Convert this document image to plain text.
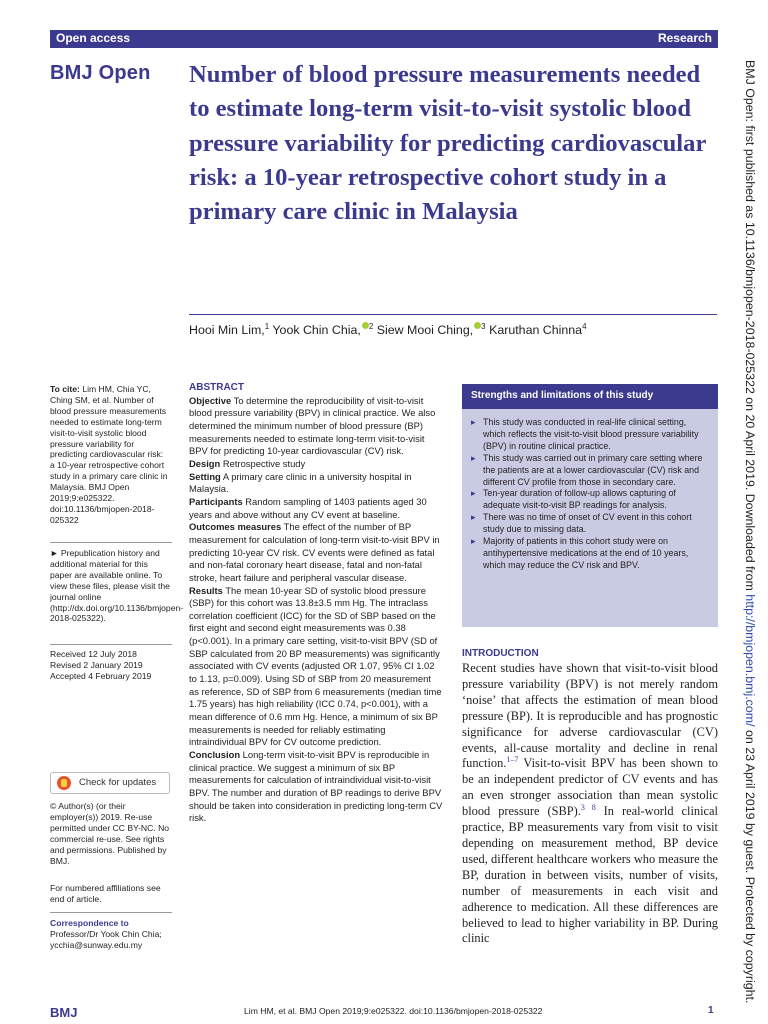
Open access	Research
BMJ Open Number of blood pressure measurements needed to estimate long-term visit-to-visit systolic blood pressure variability for predicting cardiovascular risk: a 10-year retrospective cohort study in a primary care clinic in Malaysia
Hooi Min Lim,$^1$ Yook Chin Chia, $^2$ Siew Mooi Ching, $^3$ Karuthan Chinna$^4$	BMJ Open: first published as 10.1136/bmjopen-2018-025322 on 20 April 2019. Downloaded from http://bmjopen.bmj.com/ on 23 April 2019 by guest. Protected by copyright.
To cite: Lim HM, Chia YC, Ching SM, et al. Number of blood pressure measurements needed to estimate long-term visit-to-visit systolic blood pressure variability for predicting cardiovascular risk: a 10-year retrospective cohort study in a primary care clinic in Malaysia. BMJ Open 2019;9:e025322. doi:10.1136/bmjopen-2018-025322
► Prepublication history and additional material for this paper are available online. To view these files, please visit the journal online (http://dx.doi.org/10.1136/bmjopen-2018-025322).
Received 12 July 2018
Revised 2 January 2019
Accepted 4 February 2019
Check for updates
© Author(s) (or their employer(s)) 2019. Re-use permitted under CC BY-NC. No commercial re-use. See rights and permissions. Published by BMJ.
For numbered affiliations see end of article.
Correspondence to
Professor/Dr Yook Chin Chia;
ycchia@sunway.edu.my
ABSTRACT

Objective To determine the reproducibility of visit-to-visit blood pressure variability (BPV) in clinical practice. We also determined the minimum number of blood pressure (BP) measurements needed to estimate long-term visit-to-visit BPV for predicting 10-year cardiovascular (CV) risk.

Design Retrospective study

Setting A primary care clinic in a university hospital in Malaysia.

Participants Random sampling of 1403 patients aged 30 years and above without any CV event at baseline.

Outcomes measures The effect of the number of BP measurement for calculation of long-term visit-to-visit BPV in predicting 10-year CV risk. CV events were defined as fatal and non-fatal coronary heart disease, fatal and non-fatal stroke, heart failure and peripheral vascular disease.

Results The mean 10-year SD of systolic blood pressure (SBP) for this cohort was 13.8±3.5 mm Hg. The intraclass correlation coefficient (ICC) for the SD of SBP based on the first eight and second eight measurements was 0.38 (p<0.001). In a primary care setting, visit-to-visit BPV (SD of SBP calculated from 20 BP measurements) was significantly associated with CV events (adjusted OR 1.07, 95% CI 1.02 to 1.13, p=0.009). Using SD of SBP from 20 measurement as reference, SD of SBP from 6 measurements (median time 1.75 years) has high reliability (ICC 0.74, p<0.001), with a mean difference of 0.6 mm Hg. Hence, a minimum of six BP measurements is needed for reliably estimating intraindividual BPV for CV outcome prediction.

Conclusion Long-term visit-to-visit BPV is reproducible in clinical practice. We suggest a minimum of six BP measurements for calculation of intraindividual visit-to-visit BPV. The number and duration of BP readings to derive BPV should be taken into consideration in predicting long-term CV risk.

Strengths and limitations of this study
▸ This study was conducted in real-life clinical setting, which reflects the visit-to-visit blood pressure variability (BPV) in routine clinical practice.
▸ This study was carried out in primary care setting where the patients are at a lower cardiovascular (CV) risk and different CV profile from those in secondary care.
▸ Ten-year duration of follow-up allows capturing of adequate visit-to-visit BP readings for analysis.
▸ There was no time of onset of CV event in this cohort study due to missing data.
▸ Majority of patients in this cohort study were on antihypertensive medications at the end of 10 years, which may reduce the CV risk and BPV.
INTRODUCTION
Recent studies have shown that visit-to-visit blood pressure variability (BPV) is not merely random ‘noise’ that affects the estimation of mean blood pressure (BP). It is reproducible and has prognostic significance for adverse cardiovascular (CV) events, all-cause mortality and decline in renal function.$^{1-7}$ Visit-to-visit BPV has been shown to be an independent predictor of CV events and has an even stronger association than mean systolic blood pressure (SBP).$^{3 8}$ In real-world clinical practice, BP measurements vary from visit to visit depending on measurement method, BP device used, different healthcare workers who measure the BP, duration in between visits, number of visits, number of measurements in each visit and adherence to medication. All these differences are believed to lead to higher variability in BP. During clinic
BMJ	Lim HM, et al. BMJ Open 2019;9:e025322. doi:10.1136/bmjopen-2018-025322	1
